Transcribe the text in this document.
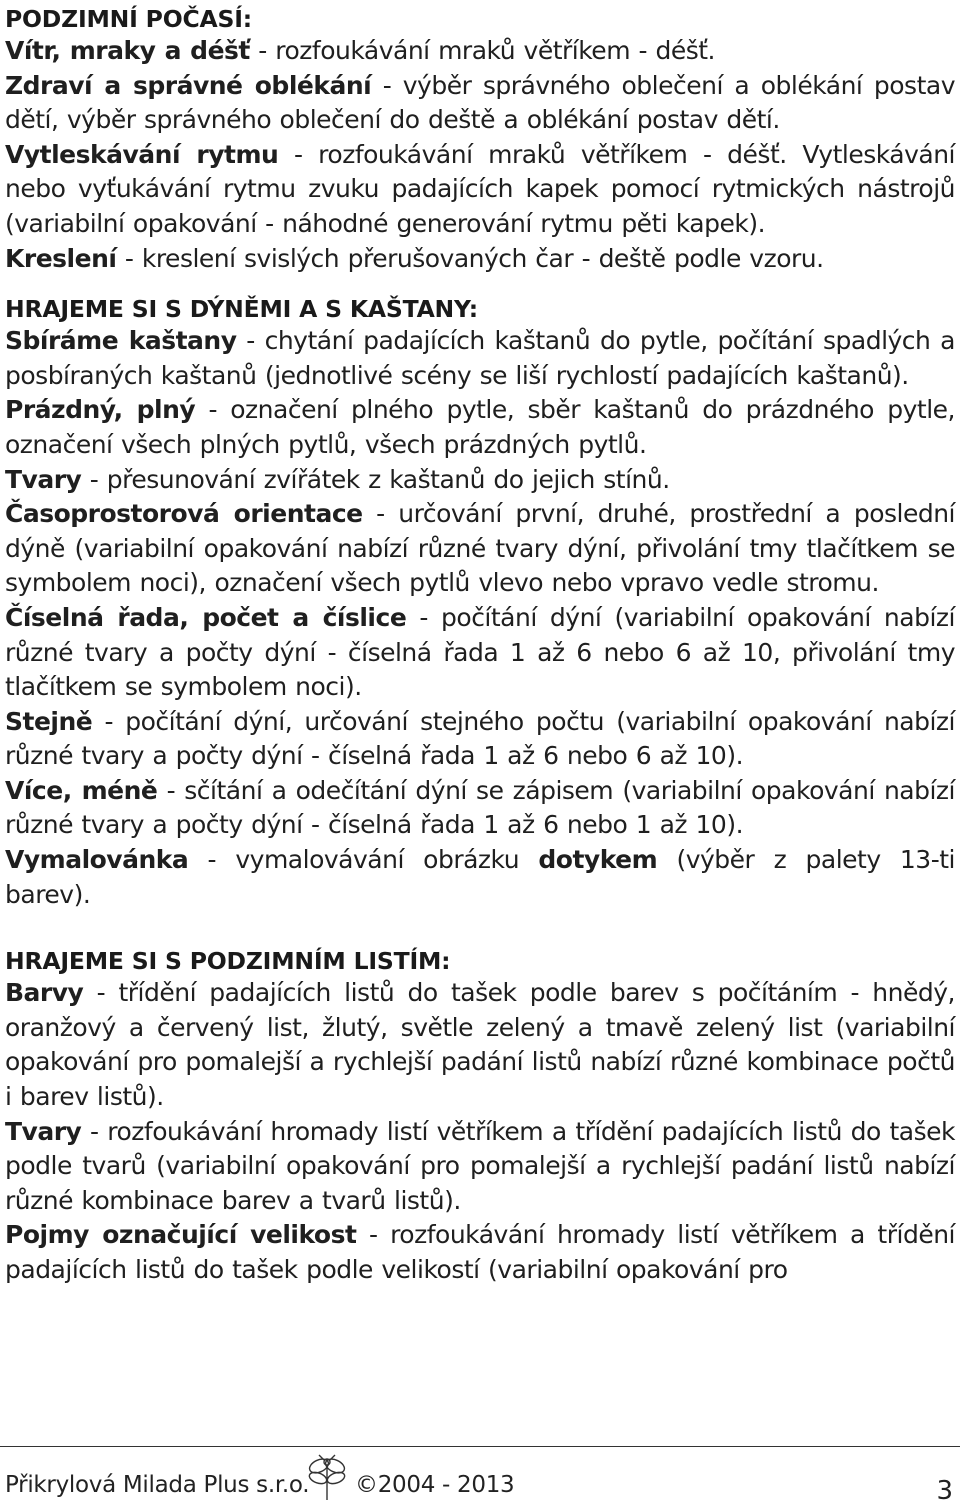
PODZIMNÍ POČASÍ:

Vítr, mraky a déšť - rozfoukávání mraků větříkem - déšť.

Zdraví a správné oblékání - výběr správného oblečení a oblékání postav dětí, výběr správného oblečení do deště a oblékání postav dětí.

Vytleskávání rytmu - rozfoukávání mraků větříkem - déšť. Vytleskávání nebo vyťukávání rytmu zvuku padajících kapek pomocí rytmických nástrojů (variabilní opakování - náhodné generování rytmu pěti kapek).

Kreslení - kreslení svislých přerušovaných čar - deště podle vzoru.

HRAJEME SI S DÝNĚMI A S KAŠTANY:

Sbíráme kaštany - chytání padajících kaštanů do pytle, počítání spadlých a posbíraných kaštanů (jednotlivé scény se liší rychlostí padajících kaštanů).

Prázdný, plný - označení plného pytle, sběr kaštanů do prázdného pytle, označení všech plných pytlů, všech prázdných pytlů.

Tvary - přesunování zvířátek z kaštanů do jejich stínů.

Časoprostorová orientace - určování první, druhé, prostřední a poslední dýně (variabilní opakování nabízí různé tvary dýní, přivolání tmy tlačítkem se symbolem noci), označení všech pytlů vlevo nebo vpravo vedle stromu.

Číselná řada, počet a číslice - počítání dýní (variabilní opakování nabízí různé tvary a počty dýní - číselná řada 1 až 6 nebo 6 až 10, přivolání tmy tlačítkem se symbolem noci).

Stejně - počítání dýní, určování stejného počtu (variabilní opakování nabízí různé tvary a počty dýní - číselná řada 1 až 6 nebo 6 až 10).

Více, méně - sčítání a odečítání dýní se zápisem (variabilní opakování nabízí různé tvary a počty dýní - číselná řada 1 až 6 nebo 1 až 10).

Vymalovánka - vymalovávání obrázku dotykem (výběr z palety 13-ti barev).

HRAJEME SI S PODZIMNÍM LISTÍM:

Barvy - třídění padajících listů do tašek podle barev s počítáním - hnědý, oranžový a červený list, žlutý, světle zelený a tmavě zelený list (variabilní opakování pro pomalejší a rychlejší padání listů nabízí různé kombinace počtů i barev listů).

Tvary - rozfoukávání hromady listí větříkem a třídění padajících listů do tašek podle tvarů (variabilní opakování pro pomalejší a rychlejší padání listů nabízí různé kombinace barev a tvarů listů).

Pojmy označující velikost - rozfoukávání hromady listí větříkem a třídění padajících listů do tašek podle velikostí (variabilní opakování pro

Přikrylová Milada Plus s.r.o. ©2004 - 2013	3
